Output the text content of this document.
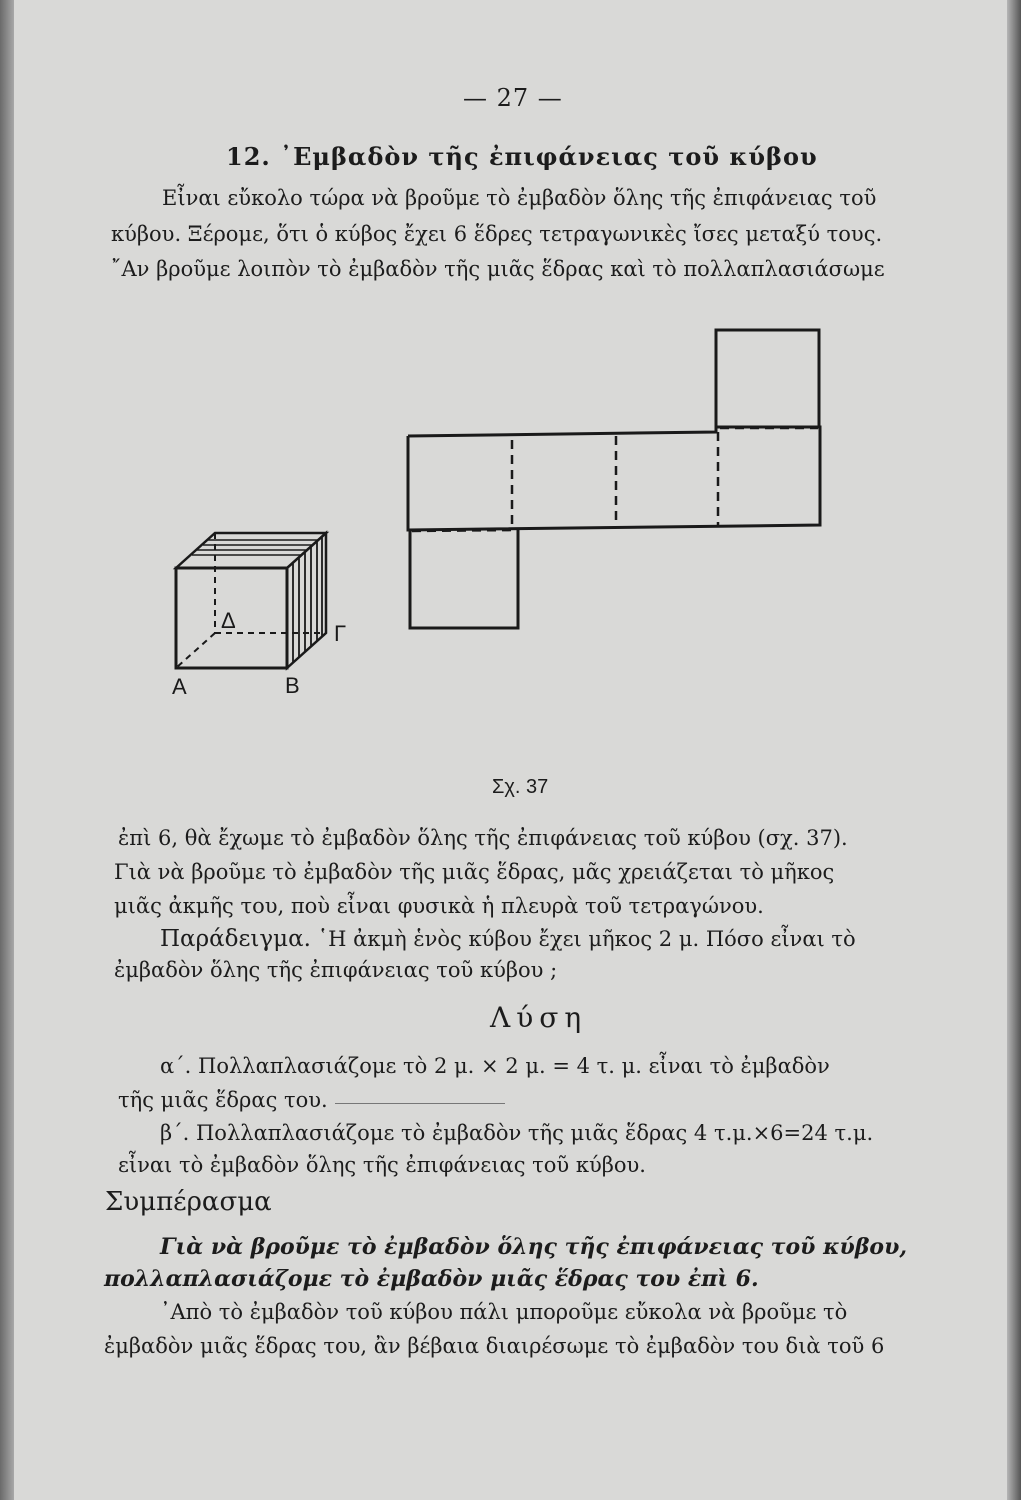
— 27 —
12. ᾿Εμβαδὸν τῆς ἐπιφάνειας τοῦ κύβου
Εἶναι εὔκολο τώρα νὰ βροῦμε τὸ ἐμβαδὸν ὅλης τῆς ἐπιφάνειας τοῦ
κύβου. Ξέρομε, ὅτι ὁ κύβος ἔχει 6 ἕδρες τετραγωνικὲς ἴσες μεταξύ τους.
῎Αν βροῦμε λοιπὸν τὸ ἐμβαδὸν τῆς μιᾶς ἕδρας καὶ τὸ πολλαπλασιάσωμε
Α	Β
Γ
Δ
Σχ. 37
ἐπὶ 6, θὰ ἔχωμε τὸ ἐμβαδὸν ὅλης τῆς ἐπιφάνειας τοῦ κύβου (σχ. 37).
Γιὰ νὰ βροῦμε τὸ ἐμβαδὸν τῆς μιᾶς ἕδρας, μᾶς χρειάζεται τὸ μῆκος
μιᾶς ἀκμῆς του, ποὺ εἶναι φυσικὰ ἡ πλευρὰ τοῦ τετραγώνου.
Παράδειγμα. ῾Η ἀκμὴ ἑνὸς κύβου ἔχει μῆκος 2 μ. Πόσο εἶναι τὸ
ἐμβαδὸν ὅλης τῆς ἐπιφάνειας τοῦ κύβου ;
Λύση
α΄. Πολλαπλασιάζομε τὸ 2 μ. × 2 μ. = 4 τ. μ. εἶναι τὸ ἐμβαδὸν
τῆς μιᾶς ἕδρας του.
β΄. Πολλαπλασιάζομε τὸ ἐμβαδὸν τῆς μιᾶς ἕδρας 4 τ.μ.×6=24 τ.μ.
εἶναι τὸ ἐμβαδὸν ὅλης τῆς ἐπιφάνειας τοῦ κύβου.
Συμπέρασμα
Γιὰ νὰ βροῦμε τὸ ἐμβαδὸν ὅλης τῆς ἐπιφάνειας τοῦ κύβου,
πολλαπλασιάζομε τὸ ἐμβαδὸν μιᾶς ἕδρας του ἐπὶ 6.
᾿Απὸ τὸ ἐμβαδὸν τοῦ κύβου πάλι μποροῦμε εὔκολα νὰ βροῦμε τὸ
ἐμβαδὸν μιᾶς ἕδρας του, ἂν βέβαια διαιρέσωμε τὸ ἐμβαδὸν του διὰ τοῦ 6
